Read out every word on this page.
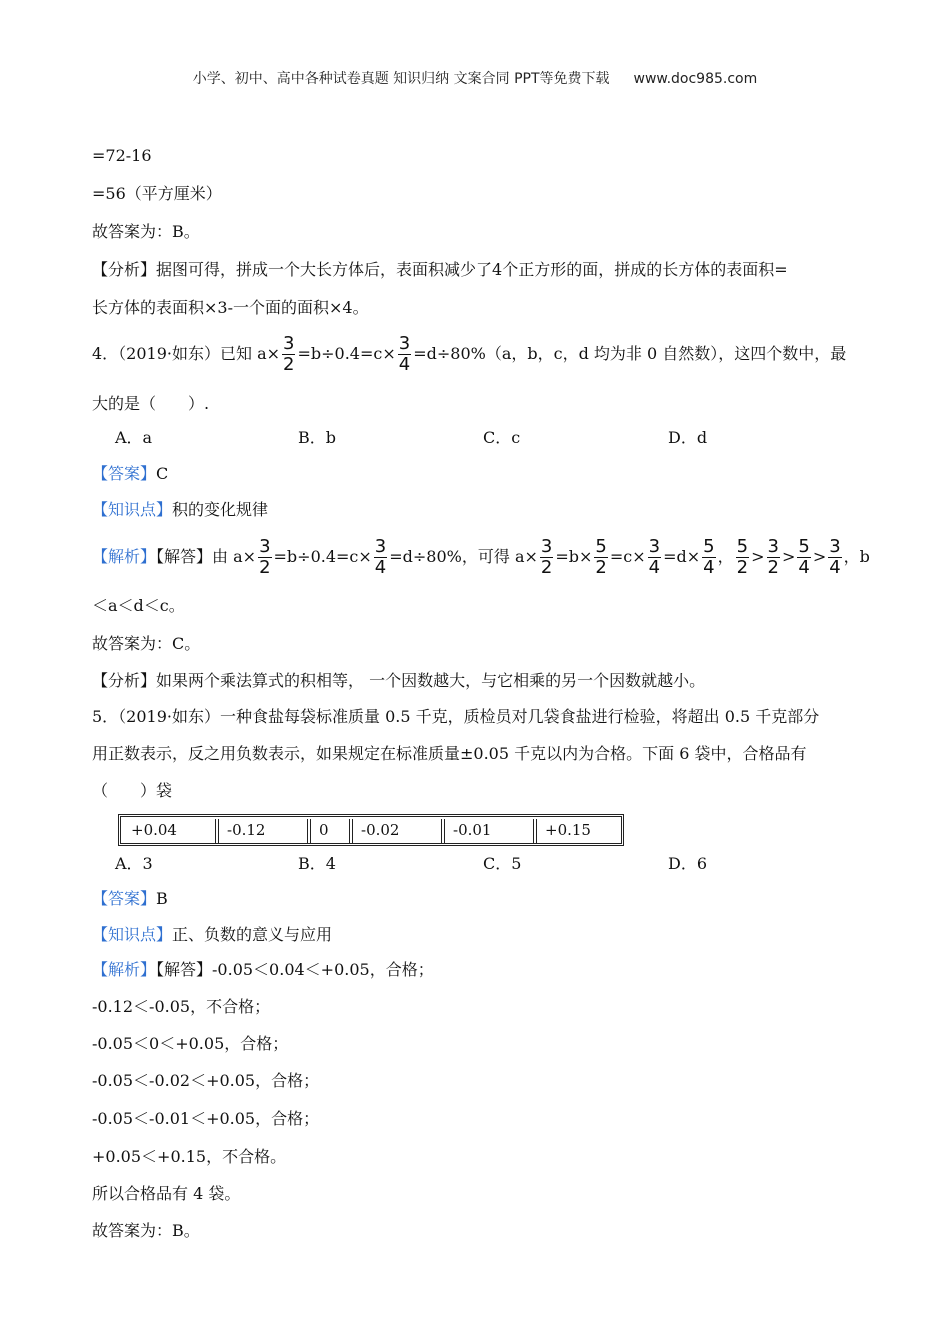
小学、初中、高中各种试卷真题 知识归纳 文案合同 PPT等免费下载 www.doc985.com
=72-16
=56（平方厘米）
故答案为：B。
【分析】据图可得，拼成一个大长方体后，表面积减少了4个正方形的面，拼成的长方体的表面积=
长方体的表面积×3-一个面的面积×4。
4．（2019·如东）已知 $a\times \frac{3}{2} =b\div 0.4=c\times \frac{3}{4} =d\div 80\%(a$，b，c，d 均为非 0 自然数），这四个数中，最
大的是（　　）.
A．a	B．b	C．c	D．d
【答案】C
【知识点】积的变化规律
【解析】【解答】由 $a\times \frac{3}{2} =b\div 0.4=c\times \frac{3}{4} =d\div 80\%$，可得 $a\times \frac{3}{2} =b\times \frac{5}{2} =c\times \frac{3}{4} =d\times \frac{5}{4}$ ， $\frac{5}{2} > \frac{3}{2} > \frac{5}{4} > \frac{3}{4}$ ，b
＜a＜d＜c。
故答案为：C。
【分析】如果两个乘法算式的积相等， 一个因数越大，与它相乘的另一个因数就越小。
5．（2019·如东）一种食盐每袋标准质量 0.5 千克，质检员对几袋食盐进行检验，将超出 0.5 千克部分
用正数表示，反之用负数表示，如果规定在标准质量±0.05 千克以内为合格。下面 6 袋中，合格品有
（　　）袋
+0.04	-0.12	0	-0.02	-0.01	+0.15
A．3	B．4	C．5	D．6
【答案】B
【知识点】正、负数的意义与应用
【解析】【解答】-0.05＜0.04＜+0.05，合格；
-0.12＜-0.05，不合格；
-0.05＜0＜+0.05，合格；
-0.05＜-0.02＜+0.05，合格；
-0.05＜-0.01＜+0.05，合格；
+0.05＜+0.15，不合格。
所以合格品有 4 袋。
故答案为：B。
